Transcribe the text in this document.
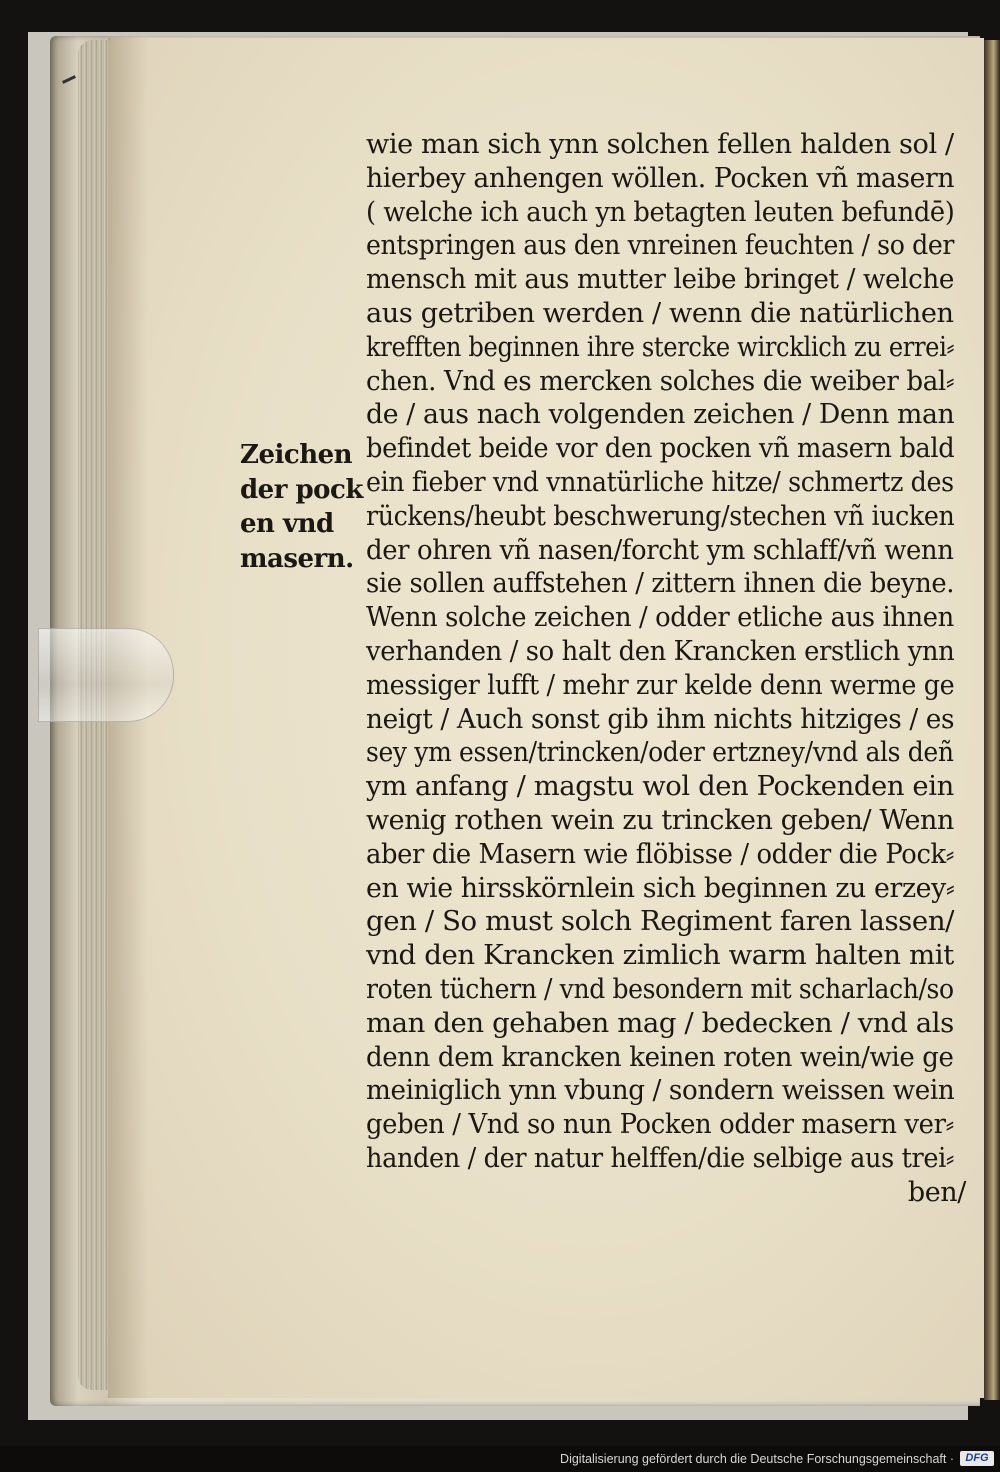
Zeichen
der pock
en vnd
masern.
wie man sich ynn solchen fellen halden sol /
hierbey anhengen wöllen. Pocken vñ masern
( welche ich auch yn betagten leuten befundē)
entspringen aus den vnreinen feuchten / so der
mensch mit aus mutter leibe bringet / welche
aus getriben werden / wenn die natürlichen
krefften beginnen ihre stercke wircklich zu errei⸗
chen. Vnd es mercken solches die weiber bal⸗
de / aus nach volgenden zeichen / Denn man
befindet beide vor den pocken vñ masern bald
ein fieber vnd vnnatürliche hitze/ schmertz des
rückens/heubt beschwerung/stechen vñ iucken
der ohren vñ nasen/forcht ym schlaff/vñ wenn
sie sollen auffstehen / zittern ihnen die beyne.
Wenn solche zeichen / odder etliche aus ihnen
verhanden / so halt den Krancken erstlich ynn
messiger lufft / mehr zur kelde denn werme ge
neigt / Auch sonst gib ihm nichts hitziges / es
sey ym essen/trincken/oder ertzney/vnd als deñ
ym anfang / magstu wol den Pockenden ein
wenig rothen wein zu trincken geben/ Wenn
aber die Masern wie flöbisse / odder die Pock⸗
en wie hirsskörnlein sich beginnen zu erzey⸗
gen / So must solch Regiment faren lassen/
vnd den Krancken zimlich warm halten mit
roten tüchern / vnd besondern mit scharlach/so
man den gehaben mag / bedecken / vnd als
denn dem krancken keinen roten wein/wie ge
meiniglich ynn vbung / sondern weissen wein
geben / Vnd so nun Pocken odder masern ver⸗
handen / der natur helffen/die selbige aus trei⸗
ben/
Digitalisierung gefördert durch die Deutsche Forschungsgemeinschaft ·	DFG
